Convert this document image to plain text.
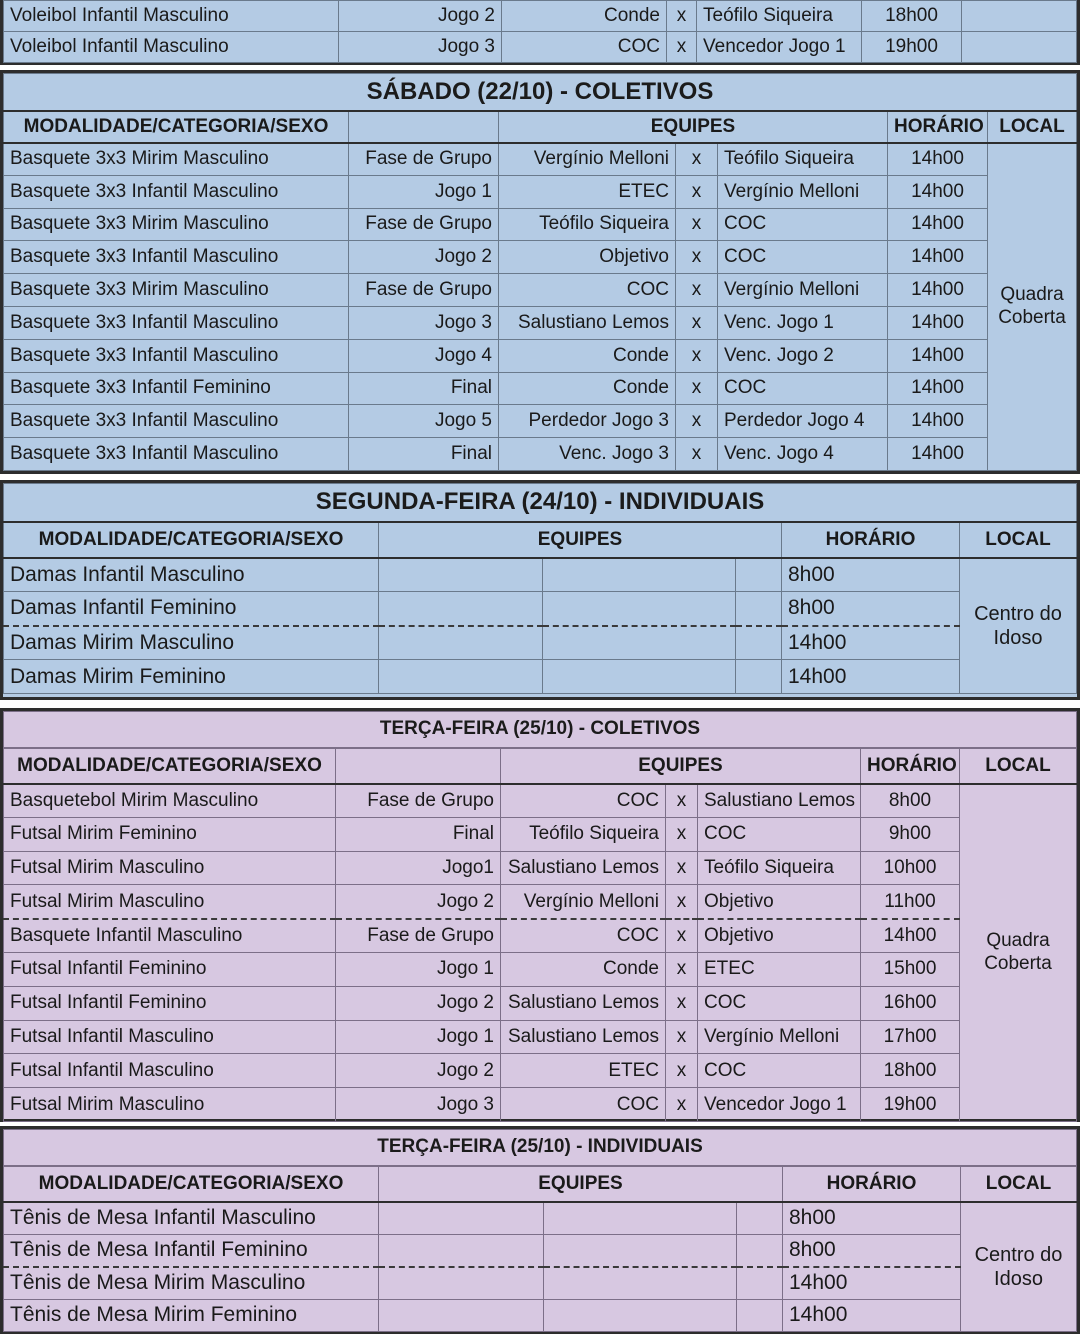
Voleibol Infantil Masculino	Jogo 2	Conde	x	Teófilo Siqueira	18h00	
Voleibol Infantil Masculino	Jogo 3	COC	x	Vencedor Jogo 1	19h00	
SÁBADO (22/10) - COLETIVOS						
MODALIDADE/CATEGORIA/SEXO		EQUIPES			HORÁRIO	LOCAL
Basquete 3x3 Mirim Masculino	Fase de Grupo	Vergínio Melloni	x	Teófilo Siqueira	14h00	Quadra Coberta
Basquete 3x3 Infantil Masculino	Jogo 1	ETEC	x	Vergínio Melloni	14h00	
Basquete 3x3 Mirim Masculino	Fase de Grupo	Teófilo Siqueira	x	COC	14h00	
Basquete 3x3 Infantil Masculino	Jogo 2	Objetivo	x	COC	14h00	
Basquete 3x3 Mirim Masculino	Fase de Grupo	COC	x	Vergínio Melloni	14h00	
Basquete 3x3 Infantil Masculino	Jogo 3	Salustiano Lemos	x	Venc. Jogo 1	14h00	
Basquete 3x3 Infantil Masculino	Jogo 4	Conde	x	Venc. Jogo 2	14h00	
Basquete 3x3 Infantil Feminino	Final	Conde	x	COC	14h00	
Basquete 3x3 Infantil Masculino	Jogo 5	Perdedor Jogo 3	x	Perdedor Jogo 4	14h00	
Basquete 3x3 Infantil Masculino	Final	Venc. Jogo 3	x	Venc. Jogo 4	14h00	
SEGUNDA-FEIRA (24/10) - INDIVIDUAIS					
MODALIDADE/CATEGORIA/SEXO	EQUIPES			HORÁRIO	LOCAL
Damas Infantil Masculino				8h00	Centro do Idoso
Damas Infantil Feminino				8h00	
Damas Mirim Masculino				14h00	
Damas Mirim Feminino				14h00	
TERÇA-FEIRA (25/10) - COLETIVOS						
MODALIDADE/CATEGORIA/SEXO		EQUIPES			HORÁRIO	LOCAL
Basquetebol Mirim Masculino	Fase de Grupo	COC	x	Salustiano Lemos	8h00	Quadra Coberta
Futsal Mirim Feminino	Final	Teófilo Siqueira	x	COC	9h00	
Futsal Mirim Masculino	Jogo1	Salustiano Lemos	x	Teófilo Siqueira	10h00	
Futsal Mirim Masculino	Jogo 2	Vergínio Melloni	x	Objetivo	11h00	
Basquete Infantil Masculino	Fase de Grupo	COC	x	Objetivo	14h00	
Futsal Infantil Feminino	Jogo 1	Conde	x	ETEC	15h00	
Futsal Infantil Feminino	Jogo 2	Salustiano Lemos	x	COC	16h00	
Futsal Infantil Masculino	Jogo 1	Salustiano Lemos	x	Vergínio Melloni	17h00	
Futsal Infantil Masculino	Jogo 2	ETEC	x	COC	18h00	
Futsal Mirim Masculino	Jogo 3	COC	x	Vencedor Jogo 1	19h00	
TERÇA-FEIRA (25/10) - INDIVIDUAIS					
MODALIDADE/CATEGORIA/SEXO	EQUIPES			HORÁRIO	LOCAL
Tênis de Mesa Infantil Masculino				8h00	Centro do Idoso
Tênis de Mesa Infantil Feminino				8h00	
Tênis de Mesa Mirim Masculino				14h00	
Tênis de Mesa Mirim Feminino				14h00	
